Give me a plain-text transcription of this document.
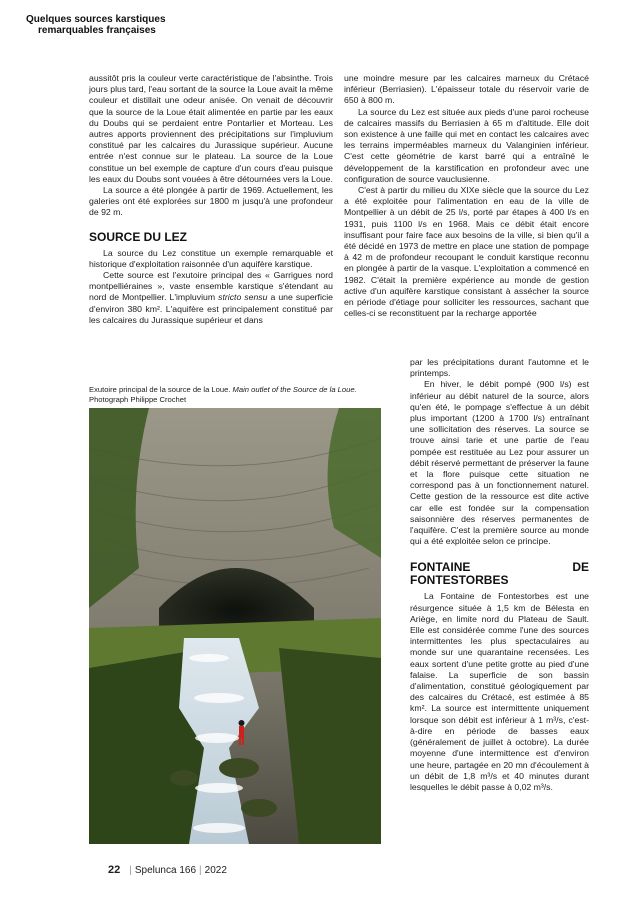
Quelques sources karstiques
remarquables françaises

aussitôt pris la couleur verte caractéristique de l'absinthe. Trois jours plus tard, l'eau sortant de la source la Loue avait la même couleur et distillait une odeur anisée. On venait de découvrir que la source de la Loue était alimentée en partie par les eaux du Doubs qui se perdaient entre Pontarlier et Morteau. Les autres apports proviennent des précipitations sur l'impluvium constitué par les calcaires du Jurassique supérieur. Aucune entrée n'est connue sur le plateau. La source de la Loue constitue un bel exemple de capture d'un cours d'eau puisque les eaux du Doubs sont vouées à être détournées vers la Loue.

La source a été plongée à partir de 1969. Actuellement, les galeries ont été explorées sur 1800 m jusqu'à une profondeur de 92 m.

SOURCE DU LEZ

La source du Lez constitue un exemple remarquable et historique d'exploitation raisonnée d'un aquifère karstique.

Cette source est l'exutoire principal des « Garrigues nord montpelliéraines », vaste ensemble karstique s'étendant au nord de Montpellier. L'impluvium stricto sensu a une superficie d'environ 380 km². L'aquifère est principalement constitué par les calcaires du Jurassique supérieur et dans

une moindre mesure par les calcaires marneux du Crétacé inférieur (Berriasien). L'épaisseur totale du réservoir varie de 650 à 800 m.

La source du Lez est située aux pieds d'une paroi rocheuse de calcaires massifs du Berriasien à 65 m d'altitude. Elle doit son existence à une faille qui met en contact les calcaires avec les terrains imperméables marneux du Valanginien inférieur. C'est cette géométrie de karst barré qui a entraîné le développement de la karstification en profondeur avec une configuration de source vauclusienne.

C'est à partir du milieu du XIXe siècle que la source du Lez a été exploitée pour l'alimentation en eau de la ville de Montpellier à un débit de 25 l/s, porté par étapes à 400 l/s en 1931, puis 1100 l/s en 1968. Mais ce débit était encore insuffisant pour faire face aux besoins de la ville, si bien qu'il a été décidé en 1973 de mettre en place une station de pompage à 42 m de profondeur recoupant le conduit karstique reconnu en plongée à partir de la vasque. L'exploitation a commencé en 1982. C'était la première expérience au monde de gestion active d'un aquifère karstique consistant à assécher la source en période d'étiage pour solliciter les ressources, sachant que celles-ci se reconstituent par la recharge apportée

par les précipitations durant l'automne et le printemps.

En hiver, le débit pompé (900 l/s) est inférieur au débit naturel de la source, alors qu'en été, le pompage s'effectue à un débit plus important (1200 à 1700 l/s) entraînant une sollicitation des réserves. La source se trouve ainsi tarie et une partie de l'eau pompée est restituée au Lez pour assurer un débit réservé permettant de préserver la faune et la flore puisque cette situation ne correspond pas à un fonctionnement naturel. Cette gestion de la ressource est dite active car elle est fondée sur la compensation saisonnière des réserves permanentes de l'aquifère. C'est la première source au monde qui a été exploitée selon ce principe.

FONTAINE DE FONTESTORBES

La Fontaine de Fontestorbes est une résurgence située à 1,5 km de Bélesta en Ariège, en limite nord du Plateau de Sault. Elle est considérée comme l'une des sources intermittentes les plus spectaculaires au monde sur une quarantaine recensées. Les eaux sortent d'une petite grotte au pied d'une falaise. La superficie de son bassin d'alimentation, constitué géologiquement par des calcaires du Crétacé, est estimée à 85 km². La source est intermittente uniquement lorsque son débit est inférieur à 1 m³/s, c'est-à-dire en période de basses eaux (généralement de juillet à octobre). La durée moyenne d'une intermittence est d'environ une heure, partagée en 20 mn d'écoulement à un débit de 1,8 m³/s et 40 minutes durant lesquelles le débit passe à 0,02 m³/s.

Exutoire principal de la source de la Loue. Main outlet of the Source de la Loue.
Photograph Philippe Crochet
22 | Spelunca 166 | 2022
